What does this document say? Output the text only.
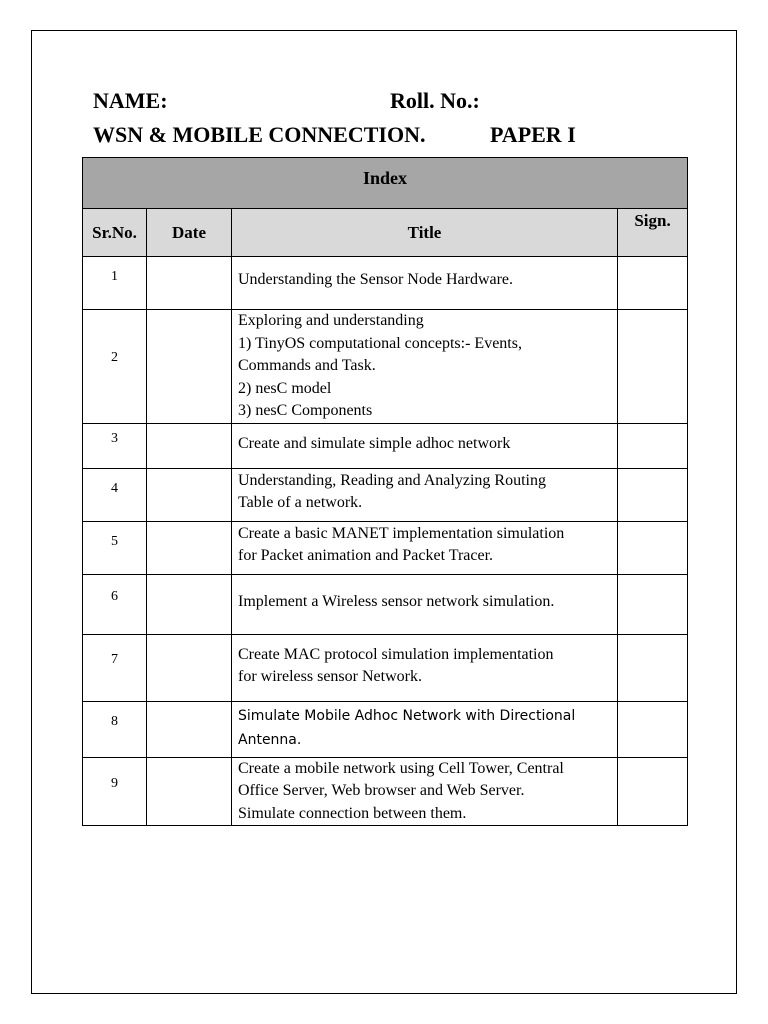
NAME:	Roll. No.:
WSN & MOBILE CONNECTION.	PAPER I
Index			
Sr.No.	Date	Title	Sign.
1		Understanding the Sensor Node Hardware.	

2		Exploring and understanding
1) TinyOS computational concepts:- Events,
Commands and Task.
2) nesC model
3) nesC Components	

3		Create and simulate simple adhoc network	

4		Understanding, Reading and Analyzing Routing
Table of a network.	

5		Create a basic MANET implementation simulation
for Packet animation and Packet Tracer.	

6		Implement a Wireless sensor network simulation.	

7		Create MAC protocol simulation implementation
for wireless sensor Network.	

8		Simulate Mobile Adhoc Network with Directional
Antenna.	

9		Create a mobile network using Cell Tower, Central
Office Server, Web browser and Web Server.
Simulate connection between them.	
